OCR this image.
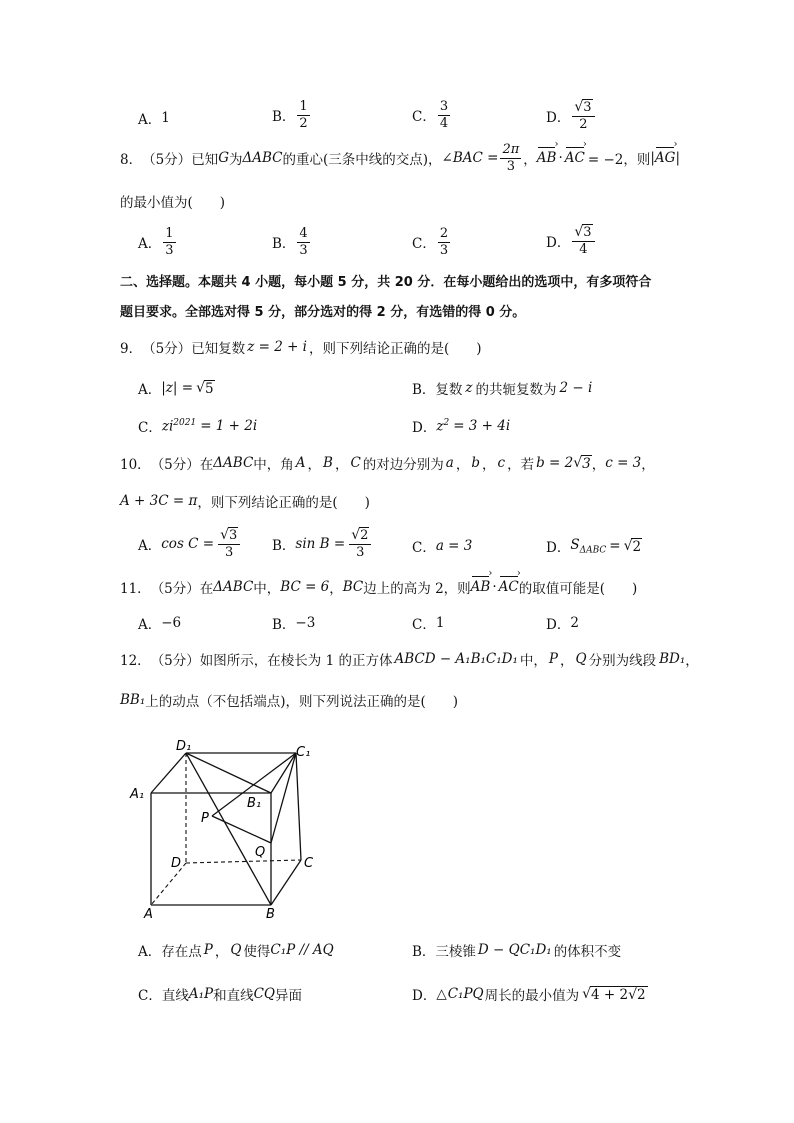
A． 1	B． $\frac{1}{2}$	C． $\frac{3}{4}$	D． $\frac{√3}{2}$
8． （5分） 已知 G 为 ΔABC 的重心(三条中线的交点)， ∠BAC = $\frac{2\pi}{3}$ ， AB › · AC › = −2，则 | AG › |
的最小值为(　　)
A． $\frac{1}{3}$	B． $\frac{4}{3}$	C． $\frac{2}{3}$	D． $\frac{√3}{4}$
二、选择题。本题共 4 小题，每小题 5 分，共 20 分．在每小题给出的选项中，有多项符合
题目要求。全部选对得 5 分，部分选对的得 2 分，有选错的得 0 分。
9． （5分） 已知复数 z = 2 + i ，则下列结论正确的是(　　)
A． |z| = √ 5	B． 复数 z 的共轭复数为 2 − i
C． $zi^{2021} = 1 + 2i$	D． $z^2 = 3 + 4i$
10． （5分） 在 ΔABC 中，角 A ， B ， C 的对边分别为 a ， b ， c ，若 b = 2 √ 3 ， c = 3 ，
A + 3C = π ，则下列结论正确的是(　　)
A． $\cos C = \frac{√3}{3}$ B． $\sin B = \frac{√2}{3}$	C． a = 3	D． $S_{\Delta ABC}$ = √ 2
11． （5分） 在 ΔABC 中， BC = 6 ， BC 边上的高为 2，则 AB › · AC › 的取值可能是(　　)
A． −6	B． −3	C． 1	D． 2
12． （5分） 如图所示，在棱长为 1 的正方体 ABCD − A₁B₁C₁D₁ 中， P ， Q 分别为线段 BD₁ ，
BB₁ 上的动点（不包括端点)，则下列说法正确的是(　　)
D₁	C₁
A₁
B₁
P
Q
D	C
A	B
A． 存在点 P ， Q 使得 C₁P // AQ	B． 三棱锥 D − QC₁D₁ 的体积不变
C． 直线 A₁P 和直线 CQ 异面	D． △ C₁PQ 周长的最小值为 √ 4 + 2√2
